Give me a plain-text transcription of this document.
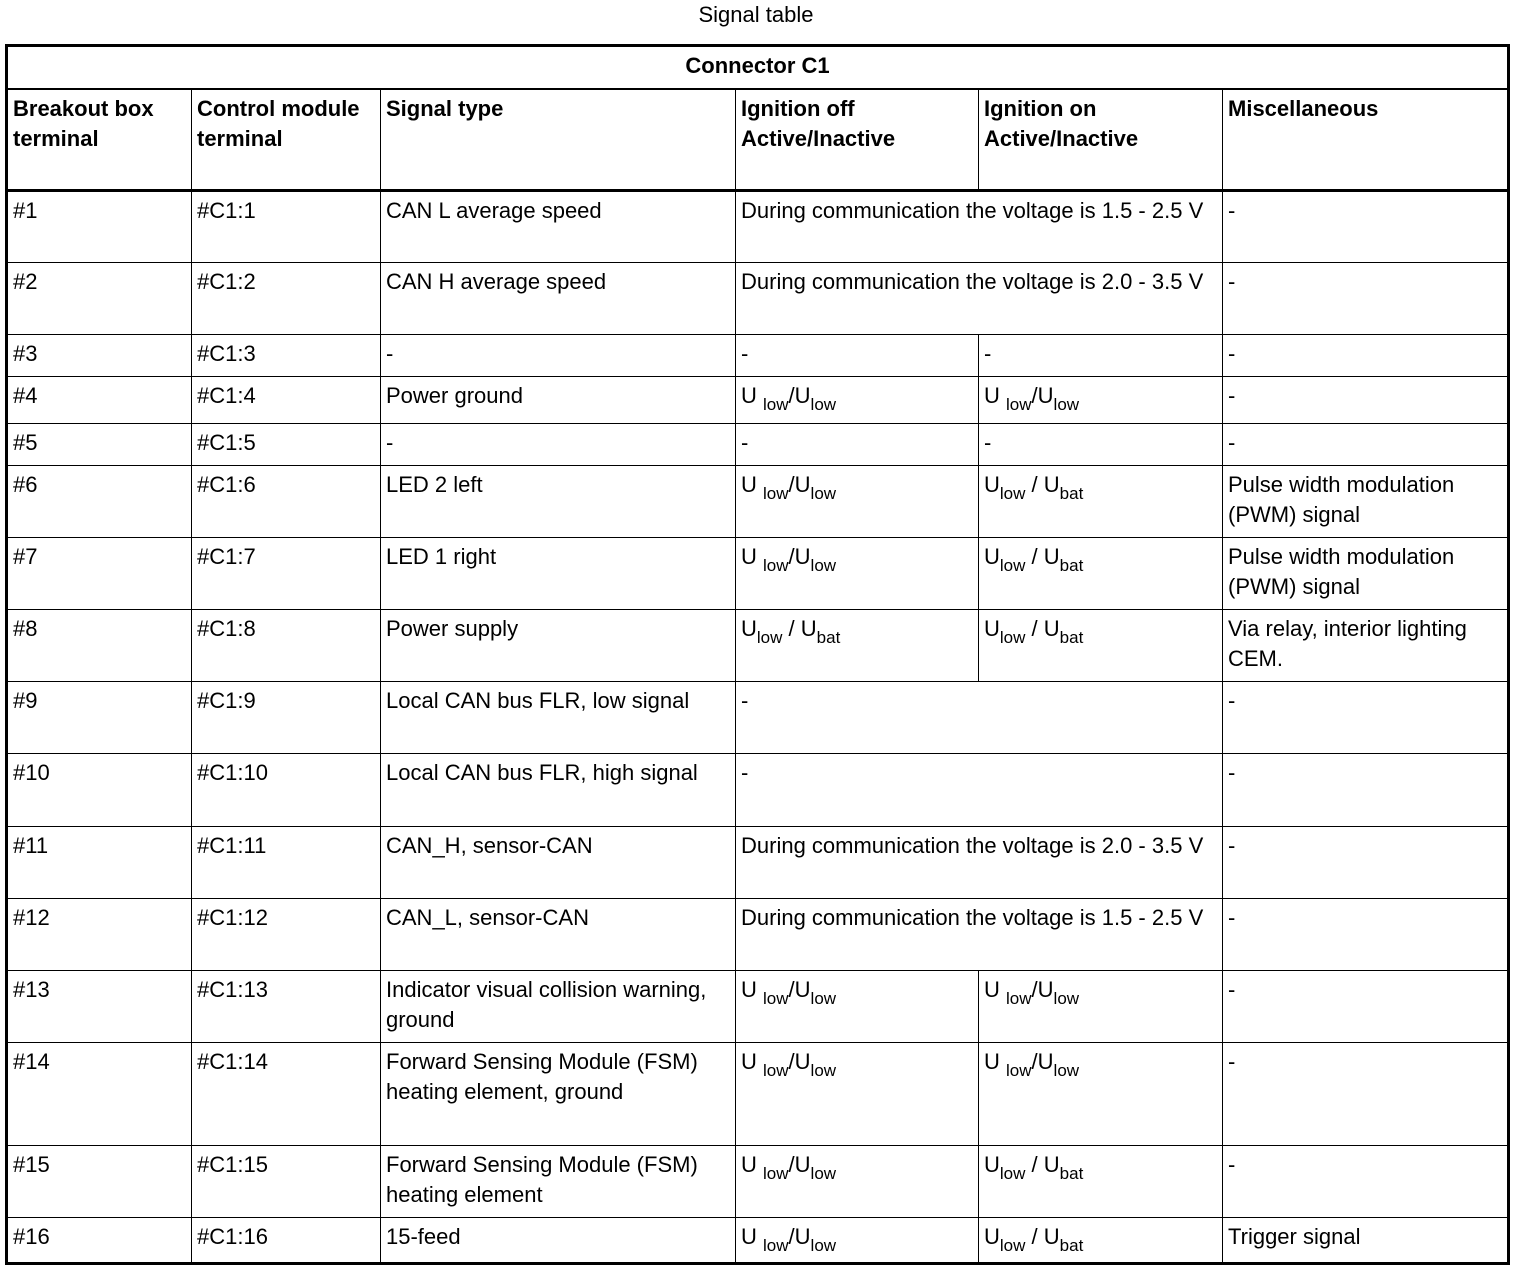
Signal table
Connector C1					
Breakout box terminal	Control module terminal	Signal type	Ignition off Active/Inactive	Ignition on Active/Inactive	Miscellaneous
#1	#C1:1	CAN L average speed	During communication the voltage is 1.5 - 2.5 V		-
#2	#C1:2	CAN H average speed	During communication the voltage is 2.0 - 3.5 V		-
#3	#C1:3	-	-	-	-
#4	#C1:4	Power ground	U $_{low}/U_{low}$	U $_{low}/U_{low}$	-
#5	#C1:5	-	-	-	-
#6	#C1:6	LED 2 left	U $_{low}/U_{low}$	$U_{low} / U_{bat}$	Pulse width modulation (PWM) signal
#7	#C1:7	LED 1 right	U $_{low}/U_{low}$	$U_{low} / U_{bat}$	Pulse width modulation (PWM) signal
#8	#C1:8	Power supply	$U_{low} / U_{bat}$	$U_{low} / U_{bat}$	Via relay, interior lighting CEM.
#9	#C1:9	Local CAN bus FLR, low signal	-		-
#10	#C1:10	Local CAN bus FLR, high signal	-		-
#11	#C1:11	CAN_H, sensor-CAN	During communication the voltage is 2.0 - 3.5 V		-
#12	#C1:12	CAN_L, sensor-CAN	During communication the voltage is 1.5 - 2.5 V		-
#13	#C1:13	Indicator visual collision warning, ground	U $_{low}/U_{low}$	U $_{low}/U_{low}$	-
#14	#C1:14	Forward Sensing Module (FSM) heating element, ground	U $_{low}/U_{low}$	U $_{low}/U_{low}$	-
#15	#C1:15	Forward Sensing Module (FSM) heating element	U $_{low}/U_{low}$	$U_{low} / U_{bat}$	-
#16	#C1:16	15-feed	U $_{low}/U_{low}$	$U_{low} / U_{bat}$	Trigger signal
